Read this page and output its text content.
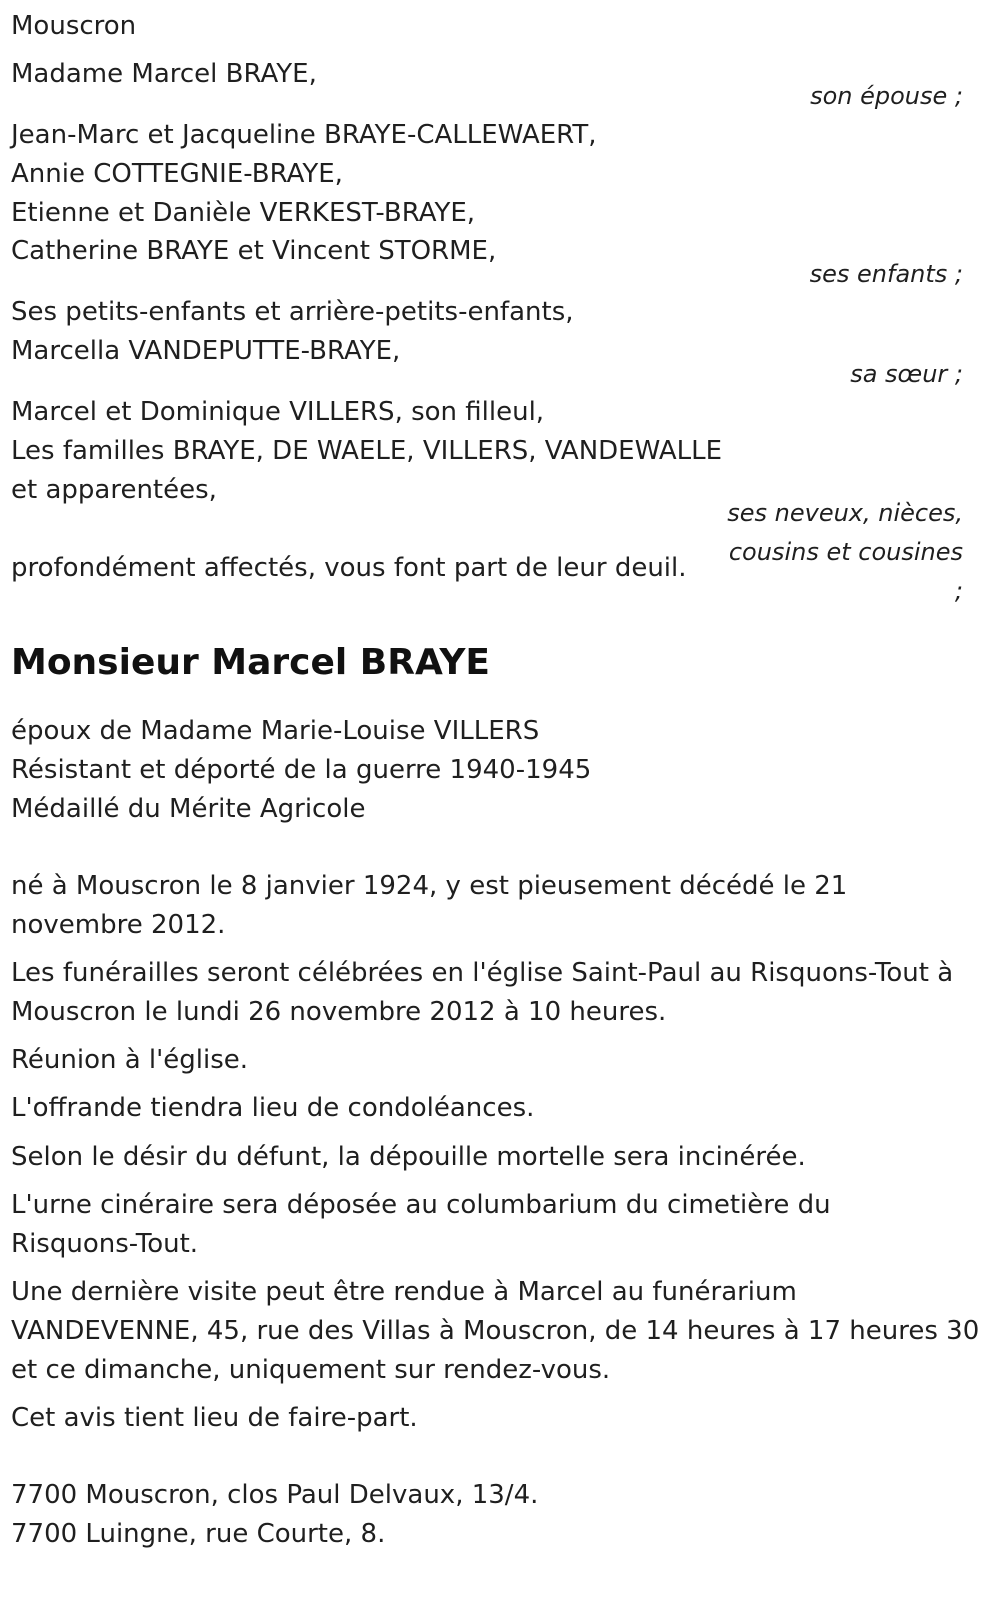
Mouscron
Madame Marcel BRAYE,
son épouse ;
Jean-Marc et Jacqueline BRAYE-CALLEWAERT,
Annie COTTEGNIE-BRAYE,
Etienne et Danièle VERKEST-BRAYE,
Catherine BRAYE et Vincent STORME,
ses enfants ;
Ses petits-enfants et arrière-petits-enfants,
Marcella VANDEPUTTE-BRAYE,
sa sœur ;
Marcel et Dominique VILLERS, son filleul,
Les familles BRAYE, DE WAELE, VILLERS, VANDEWALLE
et apparentées,
ses neveux, nièces,
cousins et cousines
;
profondément affectés, vous font part de leur deuil.
Monsieur Marcel BRAYE
époux de Madame Marie-Louise VILLERS
Résistant et déporté de la guerre 1940-1945
Médaillé du Mérite Agricole
né à Mouscron le 8 janvier 1924, y est pieusement décédé le 21
novembre 2012.
Les funérailles seront célébrées en l'église Saint-Paul au Risquons-Tout à
Mouscron le lundi 26 novembre 2012 à 10 heures.
Réunion à l'église.
L'offrande tiendra lieu de condoléances.
Selon le désir du défunt, la dépouille mortelle sera incinérée.
L'urne cinéraire sera déposée au columbarium du cimetière du
Risquons-Tout.
Une dernière visite peut être rendue à Marcel au funérarium
VANDEVENNE, 45, rue des Villas à Mouscron, de 14 heures à 17 heures 30
et ce dimanche, uniquement sur rendez-vous.
Cet avis tient lieu de faire-part.
7700 Mouscron, clos Paul Delvaux, 13/4.
7700 Luingne, rue Courte, 8.
